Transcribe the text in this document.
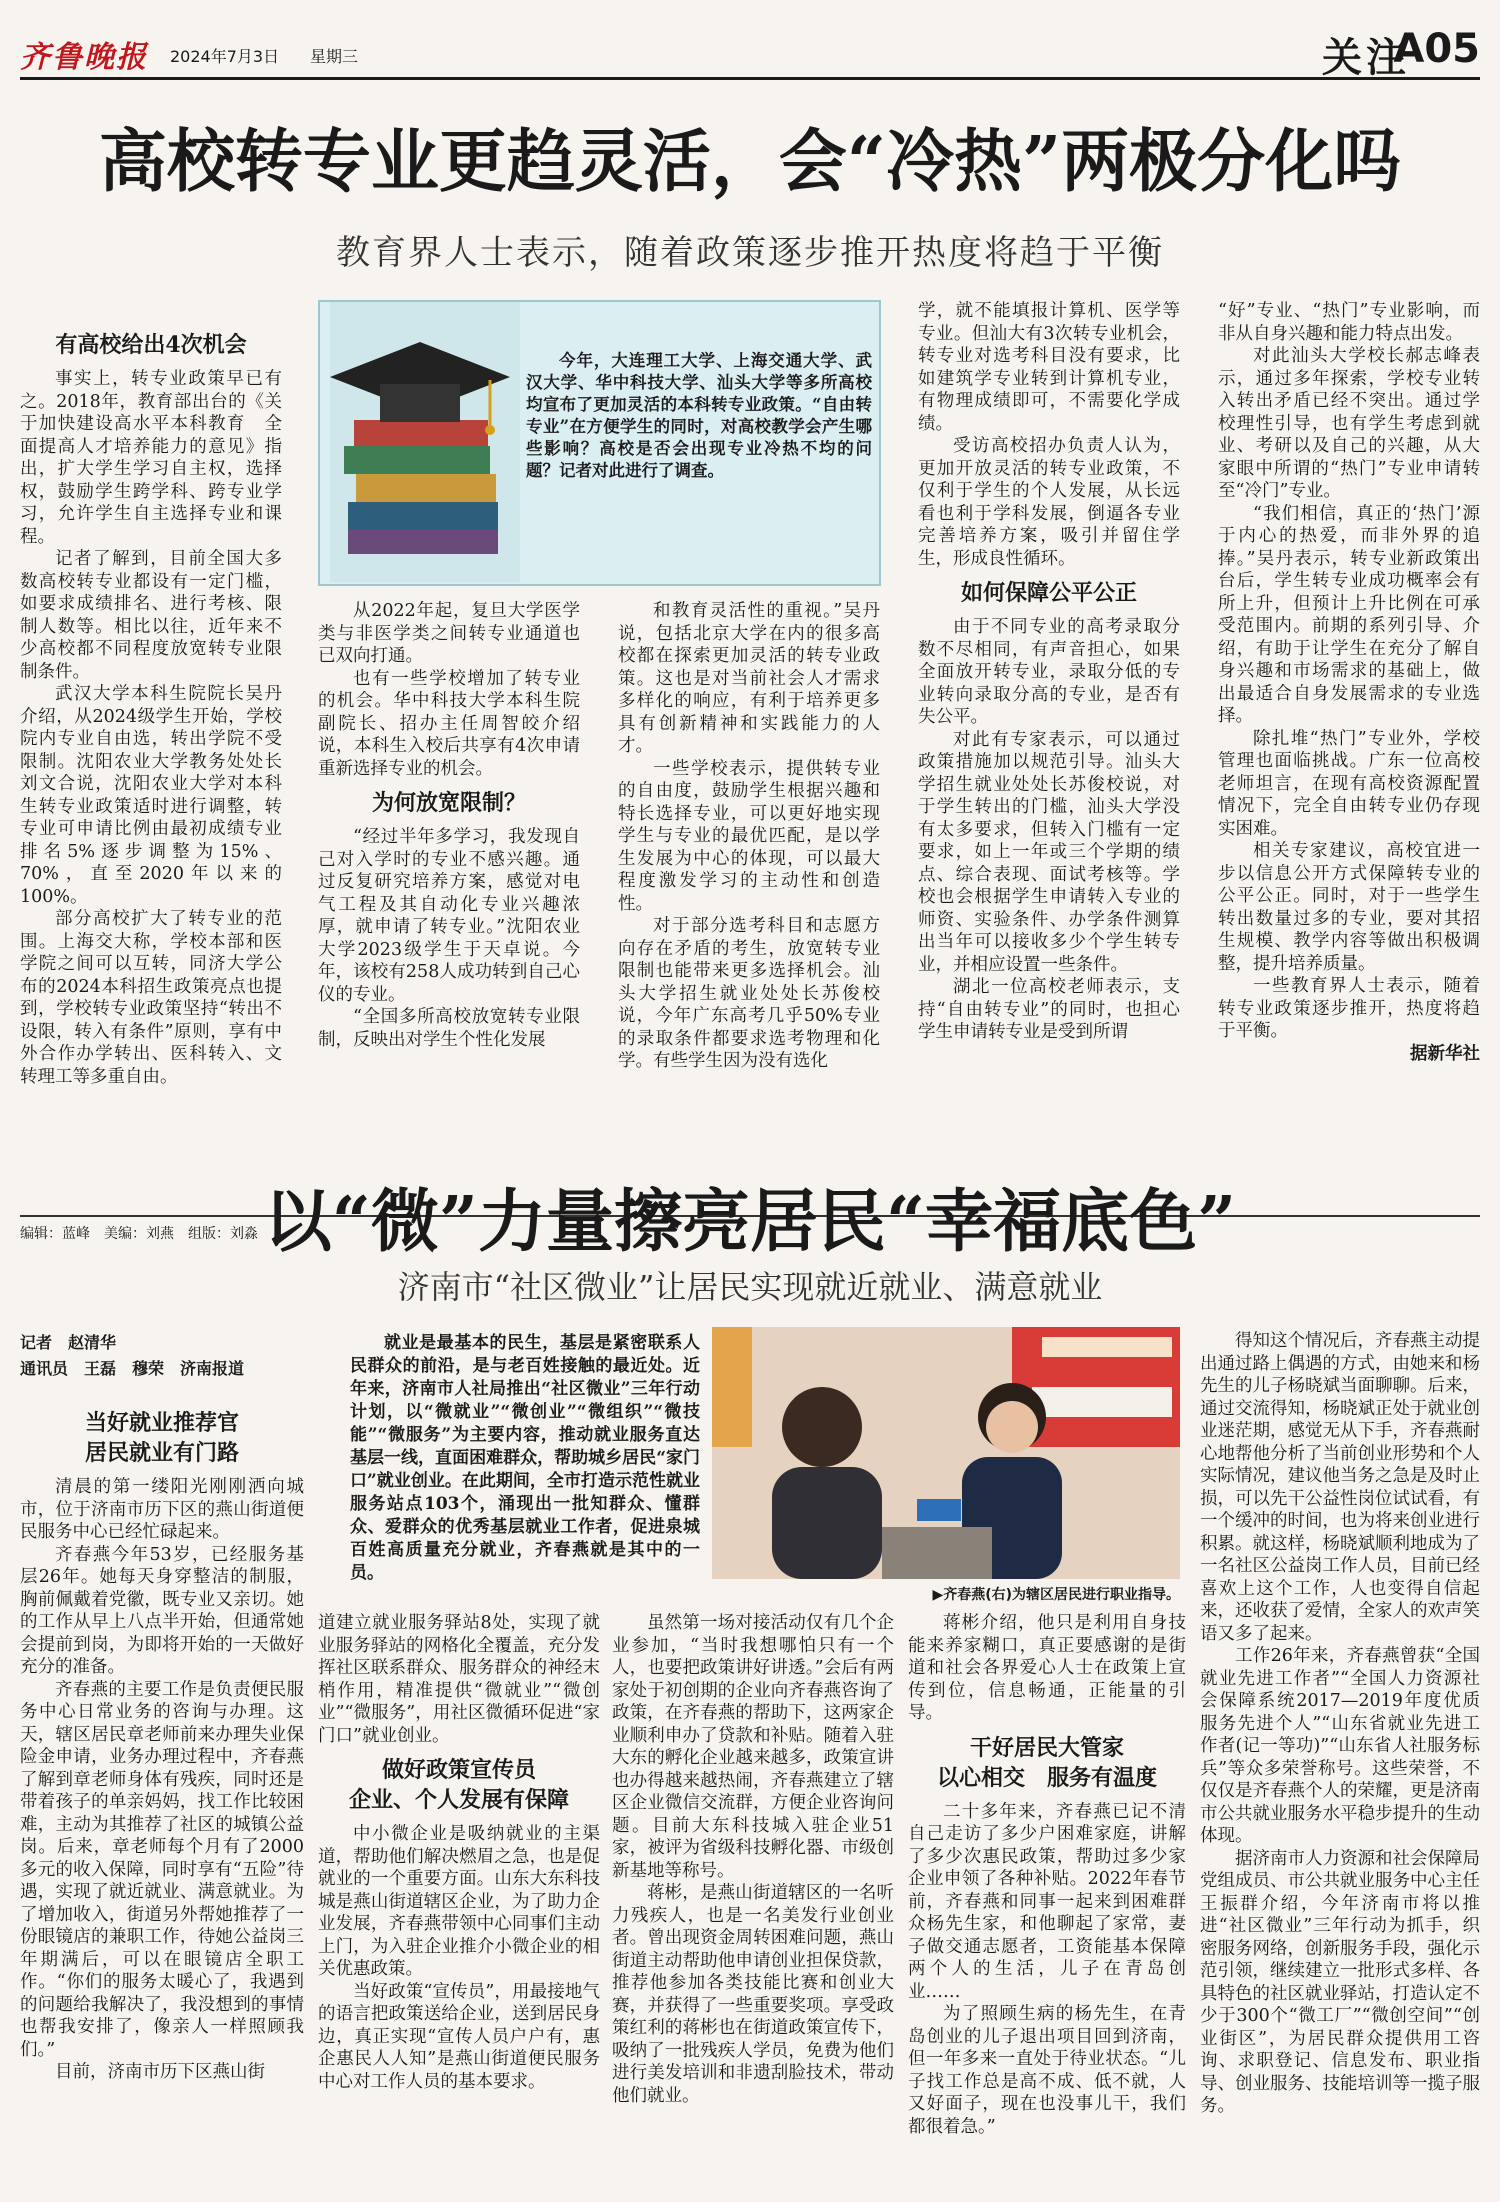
齐鲁晚报 2024年7月3日 星期三	关注
A05
高校转专业更趋灵活，会“冷热”两极分化吗
教育界人士表示，随着政策逐步推开热度将趋于平衡
今年，大连理工大学、上海交通大学、武汉大学、华中科技大学、汕头大学等多所高校均宣布了更加灵活的本科转专业政策。“自由转专业”在方便学生的同时，对高校教学会产生哪些影响？高校是否会出现专业冷热不均的问题？记者对此进行了调查。

有高校给出4次机会

事实上，转专业政策早已有之。2018年，教育部出台的《关于加快建设高水平本科教育　全面提高人才培养能力的意见》指出，扩大学生学习自主权，选择权，鼓励学生跨学科、跨专业学习，允许学生自主选择专业和课程。

记者了解到，目前全国大多数高校转专业都设有一定门槛，如要求成绩排名、进行考核、限制人数等。相比以往，近年来不少高校都不同程度放宽转专业限制条件。

武汉大学本科生院院长吴丹介绍，从2024级学生开始，学校院内专业自由选，转出学院不受限制。沈阳农业大学教务处处长刘文合说，沈阳农业大学对本科生转专业政策适时进行调整，转专业可申请比例由最初成绩专业排名5%逐步调整为15%、70%，直至2020年以来的100%。

部分高校扩大了转专业的范围。上海交大称，学校本部和医学院之间可以互转，同济大学公布的2024本科招生政策亮点也提到，学校转专业政策坚持“转出不设限，转入有条件”原则，享有中外合作办学转出、医科转入、文转理工等多重自由。

从2022年起，复旦大学医学类与非医学类之间转专业通道也已双向打通。

也有一些学校增加了转专业的机会。华中科技大学本科生院副院长、招办主任周智皎介绍说，本科生入校后共享有4次申请重新选择专业的机会。

为何放宽限制？

“经过半年多学习，我发现自己对入学时的专业不感兴趣。通过反复研究培养方案，感觉对电气工程及其自动化专业兴趣浓厚，就申请了转专业。”沈阳农业大学2023级学生于天卓说。今年，该校有258人成功转到自己心仪的专业。

“全国多所高校放宽转专业限制，反映出对学生个性化发展

和教育灵活性的重视。”吴丹说，包括北京大学在内的很多高校都在探索更加灵活的转专业政策。这也是对当前社会人才需求多样化的响应，有利于培养更多具有创新精神和实践能力的人才。

一些学校表示，提供转专业的自由度，鼓励学生根据兴趣和特长选择专业，可以更好地实现学生与专业的最优匹配，是以学生发展为中心的体现，可以最大程度激发学习的主动性和创造性。

对于部分选考科目和志愿方向存在矛盾的考生，放宽转专业限制也能带来更多选择机会。汕头大学招生就业处处长苏俊校说，今年广东高考几乎50%专业的录取条件都要求选考物理和化学。有些学生因为没有选化

学，就不能填报计算机、医学等专业。但汕大有3次转专业机会，转专业对选考科目没有要求，比如建筑学专业转到计算机专业，有物理成绩即可，不需要化学成绩。

受访高校招办负责人认为，更加开放灵活的转专业政策，不仅利于学生的个人发展，从长远看也利于学科发展，倒逼各专业完善培养方案，吸引并留住学生，形成良性循环。

如何保障公平公正

由于不同专业的高考录取分数不尽相同，有声音担心，如果全面放开转专业，录取分低的专业转向录取分高的专业，是否有失公平。

对此有专家表示，可以通过政策措施加以规范引导。汕头大学招生就业处处长苏俊校说，对于学生转出的门槛，汕头大学没有太多要求，但转入门槛有一定要求，如上一年或三个学期的绩点、综合表现、面试考核等。学校也会根据学生申请转入专业的师资、实验条件、办学条件测算出当年可以接收多少个学生转专业，并相应设置一些条件。

湖北一位高校老师表示，支持“自由转专业”的同时，也担心学生申请转专业是受到所谓

“好”专业、“热门”专业影响，而非从自身兴趣和能力特点出发。

对此汕头大学校长郝志峰表示，通过多年探索，学校专业转入转出矛盾已经不突出。通过学校理性引导，也有学生考虑到就业、考研以及自己的兴趣，从大家眼中所谓的“热门”专业申请转至“冷门”专业。

“我们相信，真正的‘热门’源于内心的热爱，而非外界的追捧。”吴丹表示，转专业新政策出台后，学生转专业成功概率会有所上升，但预计上升比例在可承受范围内。前期的系列引导、介绍，有助于让学生在充分了解自身兴趣和市场需求的基础上，做出最适合自身发展需求的专业选择。

除扎堆“热门”专业外，学校管理也面临挑战。广东一位高校老师坦言，在现有高校资源配置情况下，完全自由转专业仍存现实困难。

相关专家建议，高校宜进一步以信息公开方式保障转专业的公平公正。同时，对于一些学生转出数量过多的专业，要对其招生规模、教学内容等做出积极调整，提升培养质量。

一些教育界人士表示，随着转专业政策逐步推开，热度将趋于平衡。

据新华社

编辑：蓝峰　美编：刘燕　组版：刘淼 以“微”力量擦亮居民“幸福底色”
济南市“社区微业”让居民实现就近就业、满意就业
记者　赵清华
通讯员　王磊　穆荣　济南报道
就业是最基本的民生，基层是紧密联系人民群众的前沿，是与老百姓接触的最近处。近年来，济南市人社局推出“社区微业”三年行动计划，以“微就业”“微创业”“微组织”“微技能”“微服务”为主要内容，推动就业服务直达基层一线，直面困难群众，帮助城乡居民“家门口”就业创业。在此期间，全市打造示范性就业服务站点103个，涌现出一批知群众、懂群众、爱群众的优秀基层就业工作者，促进泉城百姓高质量充分就业，齐春燕就是其中的一员。
▶齐春燕(右)为辖区居民进行职业指导。

当好就业推荐官
居民就业有门路

清晨的第一缕阳光刚刚洒向城市，位于济南市历下区的燕山街道便民服务中心已经忙碌起来。

齐春燕今年53岁，已经服务基层26年。她每天身穿整洁的制服，胸前佩戴着党徽，既专业又亲切。她的工作从早上八点半开始，但通常她会提前到岗，为即将开始的一天做好充分的准备。

齐春燕的主要工作是负责便民服务中心日常业务的咨询与办理。这天，辖区居民章老师前来办理失业保险金申请，业务办理过程中，齐春燕了解到章老师身体有残疾，同时还是带着孩子的单亲妈妈，找工作比较困难，主动为其推荐了社区的城镇公益岗。后来，章老师每个月有了2000多元的收入保障，同时享有“五险”待遇，实现了就近就业、满意就业。为了增加收入，街道另外帮她推荐了一份眼镜店的兼职工作，待她公益岗三年期满后，可以在眼镜店全职工作。“你们的服务太暖心了，我遇到的问题给我解决了，我没想到的事情也帮我安排了，像亲人一样照顾我们。”

目前，济南市历下区燕山街

道建立就业服务驿站8处，实现了就业服务驿站的网格化全覆盖，充分发挥社区联系群众、服务群众的神经末梢作用，精准提供“微就业”“微创业”“微服务”，用社区微循环促进“家门口”就业创业。

做好政策宣传员
企业、个人发展有保障

中小微企业是吸纳就业的主渠道，帮助他们解决燃眉之急，也是促就业的一个重要方面。山东大东科技城是燕山街道辖区企业，为了助力企业发展，齐春燕带领中心同事们主动上门，为入驻企业推介小微企业的相关优惠政策。

当好政策“宣传员”，用最接地气的语言把政策送给企业，送到居民身边，真正实现“宣传人员户户有，惠企惠民人人知”是燕山街道便民服务中心对工作人员的基本要求。

虽然第一场对接活动仅有几个企业参加，“当时我想哪怕只有一个人，也要把政策讲好讲透。”会后有两家处于初创期的企业向齐春燕咨询了政策，在齐春燕的帮助下，这两家企业顺利申办了贷款和补贴。随着入驻大东的孵化企业越来越多，政策宣讲也办得越来越热闹，齐春燕建立了辖区企业微信交流群，方便企业咨询问题。目前大东科技城入驻企业51家，被评为省级科技孵化器、市级创新基地等称号。

蒋彬，是燕山街道辖区的一名听力残疾人，也是一名美发行业创业者。曾出现资金周转困难问题，燕山街道主动帮助他申请创业担保贷款，推荐他参加各类技能比赛和创业大赛，并获得了一些重要奖项。享受政策红利的蒋彬也在街道政策宣传下，吸纳了一批残疾人学员，免费为他们进行美发培训和非遗刮脸技术，带动他们就业。

蒋彬介绍，他只是利用自身技能来养家糊口，真正要感谢的是街道和社会各界爱心人士在政策上宣传到位，信息畅通，正能量的引导。

干好居民大管家
以心相交　服务有温度

二十多年来，齐春燕已记不清自己走访了多少户困难家庭，讲解了多少次惠民政策，帮助过多少家企业申领了各种补贴。2022年春节前，齐春燕和同事一起来到困难群众杨先生家，和他聊起了家常，妻子做交通志愿者，工资能基本保障两个人的生活，儿子在青岛创业……

为了照顾生病的杨先生，在青岛创业的儿子退出项目回到济南，但一年多来一直处于待业状态。“儿子找工作总是高不成、低不就，人又好面子，现在也没事儿干，我们都很着急。”

得知这个情况后，齐春燕主动提出通过路上偶遇的方式，由她来和杨先生的儿子杨晓斌当面聊聊。后来，通过交流得知，杨晓斌正处于就业创业迷茫期，感觉无从下手，齐春燕耐心地帮他分析了当前创业形势和个人实际情况，建议他当务之急是及时止损，可以先干公益性岗位试试看，有一个缓冲的时间，也为将来创业进行积累。就这样，杨晓斌顺利地成为了一名社区公益岗工作人员，目前已经喜欢上这个工作，人也变得自信起来，还收获了爱情，全家人的欢声笑语又多了起来。

工作26年来，齐春燕曾获“全国就业先进工作者”“全国人力资源社会保障系统2017—2019年度优质服务先进个人”“山东省就业先进工作者(记一等功)”“山东省人社服务标兵”等众多荣誉称号。这些荣誉，不仅仅是齐春燕个人的荣耀，更是济南市公共就业服务水平稳步提升的生动体现。

据济南市人力资源和社会保障局党组成员、市公共就业服务中心主任王振群介绍，今年济南市将以推进“社区微业”三年行动为抓手，织密服务网络，创新服务手段，强化示范引领，继续建立一批形式多样、各具特色的社区就业驿站，打造认定不少于300个“微工厂”“微创空间”“创业街区”，为居民群众提供用工咨询、求职登记、信息发布、职业指导、创业服务、技能培训等一揽子服务。
